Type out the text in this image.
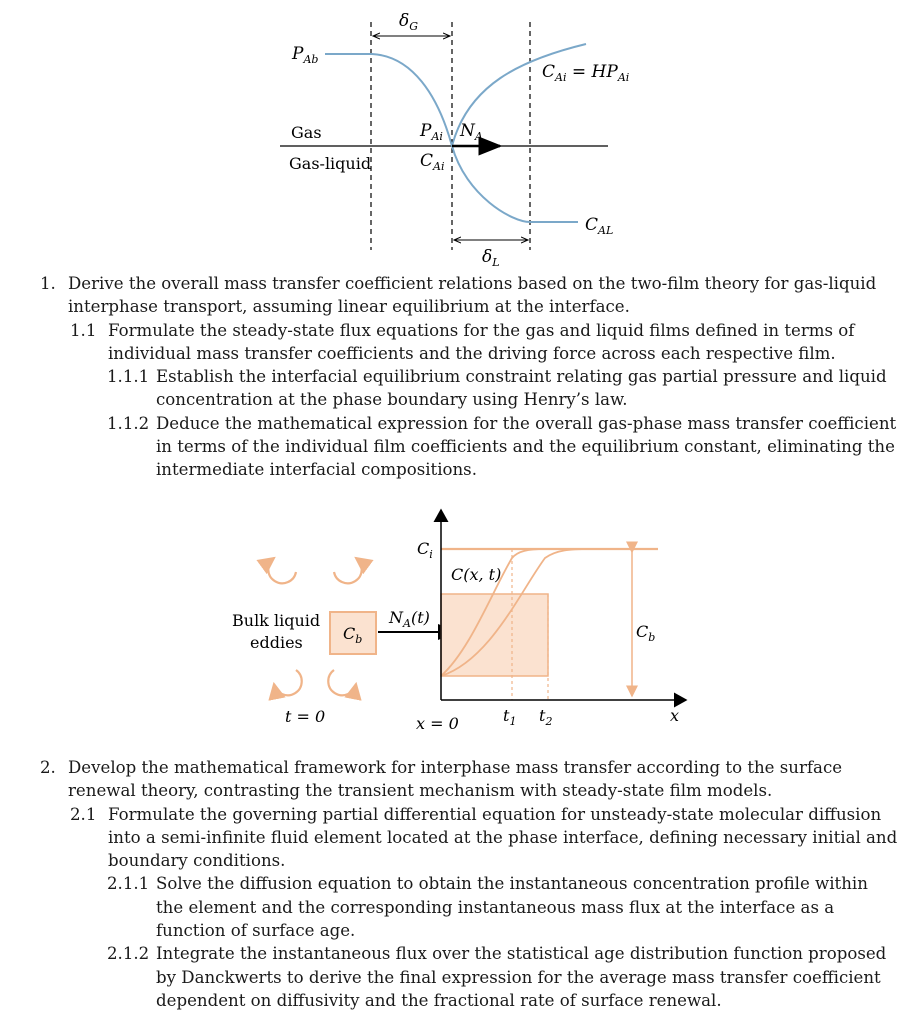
$\delta_G$
$P_{Ab}$
$C_{Ai} = HP_{Ai}$
Gas
Gas-liquid
$P_{Ai}$ $N_A$
$C_{Ai}$
$C_{AL}$
$\delta_L$
1. Derive the overall mass transfer coefficient relations based on the two-film theory for gas-liquid interphase transport, assuming linear equilibrium at the interface.
1.1 Formulate the steady-state flux equations for the gas and liquid films defined in terms of individual mass transfer coefficients and the driving force across each respective film.
1.1.1 Establish the interfacial equilibrium constraint relating gas partial pressure and liquid concentration at the phase boundary using Henry’s law.
1.1.2 Deduce the mathematical expression for the overall gas-phase mass transfer coefficient in terms of the individual film coefficients and the equilibrium constant, eliminating the intermediate interfacial compositions.
$C_b$
Bulk liquid
eddies
t = 0
$N_A(t)$
$C_b$
$C_i$
C(x, t)
x = 0	$t_1$ $t_2$	x
2. Develop the mathematical framework for interphase mass transfer according to the surface renewal theory, contrasting the transient mechanism with steady-state film models.
2.1 Formulate the governing partial differential equation for unsteady-state molecular diffusion into a semi-infinite fluid element located at the phase interface, defining necessary initial and boundary conditions.
2.1.1 Solve the diffusion equation to obtain the instantaneous concentration profile within the element and the corresponding instantaneous mass flux at the interface as a function of surface age.
2.1.2 Integrate the instantaneous flux over the statistical age distribution function proposed by Danckwerts to derive the final expression for the average mass transfer coefficient dependent on diffusivity and the fractional rate of surface renewal.
